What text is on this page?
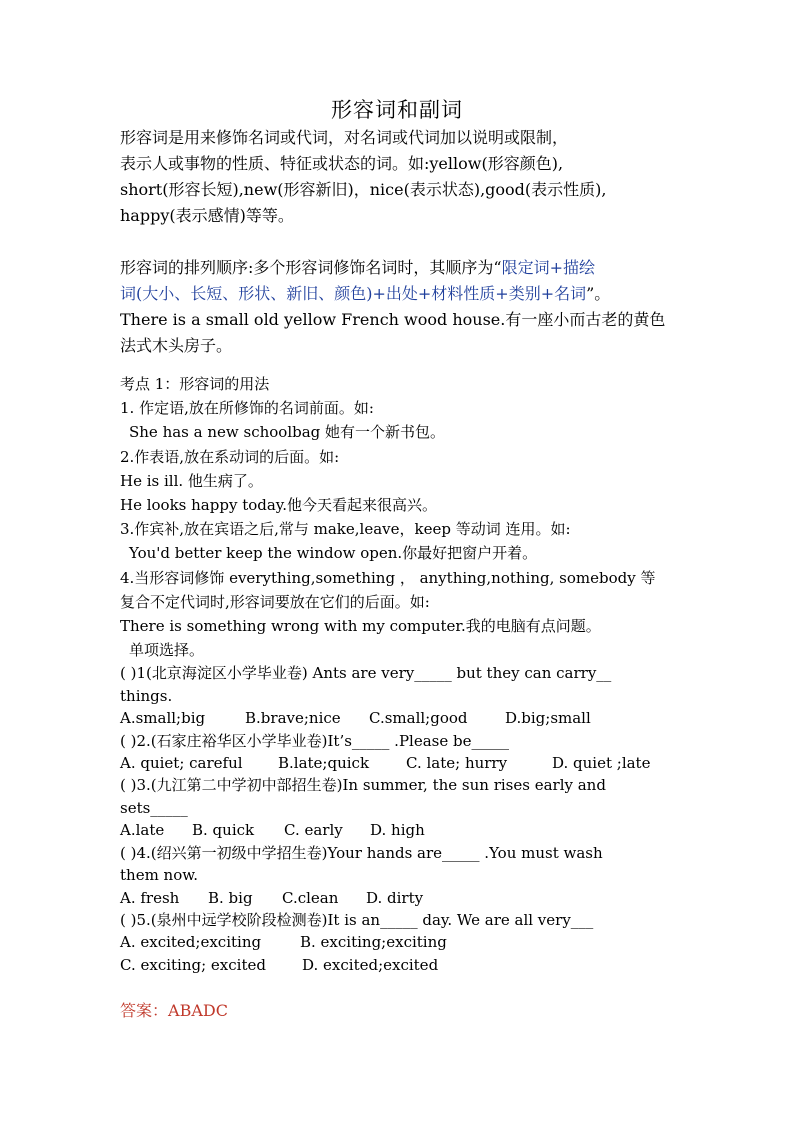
形容词和副词

形容词是用来修饰名词或代词，对名词或代词加以说明或限制，

表示人或事物的性质、特征或状态的词。如:yellow(形容颜色),

short(形容长短),new(形容新旧)，nice(表示状态),good(表示性质),

happy(表示感情)等等。

形容词的排列顺序:多个形容词修饰名词时，其顺序为“限定词+描绘

词(大小、长短、形状、新旧、颜色)+出处+材料性质+类别+名词”。

There is a small old yellow French wood house.有一座小而古老的黄色

法式木头房子。

考点 1：形容词的用法

1. 作定语,放在所修饰的名词前面。如:

She has a new schoolbag 她有一个新书包。

2.作表语,放在系动词的后面。如:

He is ill. 他生病了。

He looks happy today.他今天看起来很高兴。

3.作宾补,放在宾语之后,常与 make,leave，keep 等动词 连用。如:

You'd better keep the window open.你最好把窗户开着。

4.当形容词修饰 everything,something ， anything,nothing, somebody 等

复合不定代词时,形容词要放在它们的后面。如:

There is something wrong with my computer.我的电脑有点问题。

单项选择。

( )1(北京海淀区小学毕业卷) Ants are very_____ but they can carry__

things.

A.small;big	B.brave;nice	C.small;good	D.big;small

( )2.(石家庄裕华区小学毕业卷)It’s_____ .Please be_____

A. quiet; careful	B.late;quick	C. late; hurry	D. quiet ;late

( )3.(九江第二中学初中部招生卷)In summer, the sun rises early and

sets_____

A.late	B. quick	C. early	D. high

( )4.(绍兴第一初级中学招生卷)Your hands are_____ .You must wash

them now.

A. fresh	B. big	C.clean	D. dirty

( )5.(泉州中远学校阶段检测卷)It is an_____ day. We are all very___

A. excited;exciting	B. exciting;exciting
C. exciting; excited	D. excited;excited
答案：ABADC
